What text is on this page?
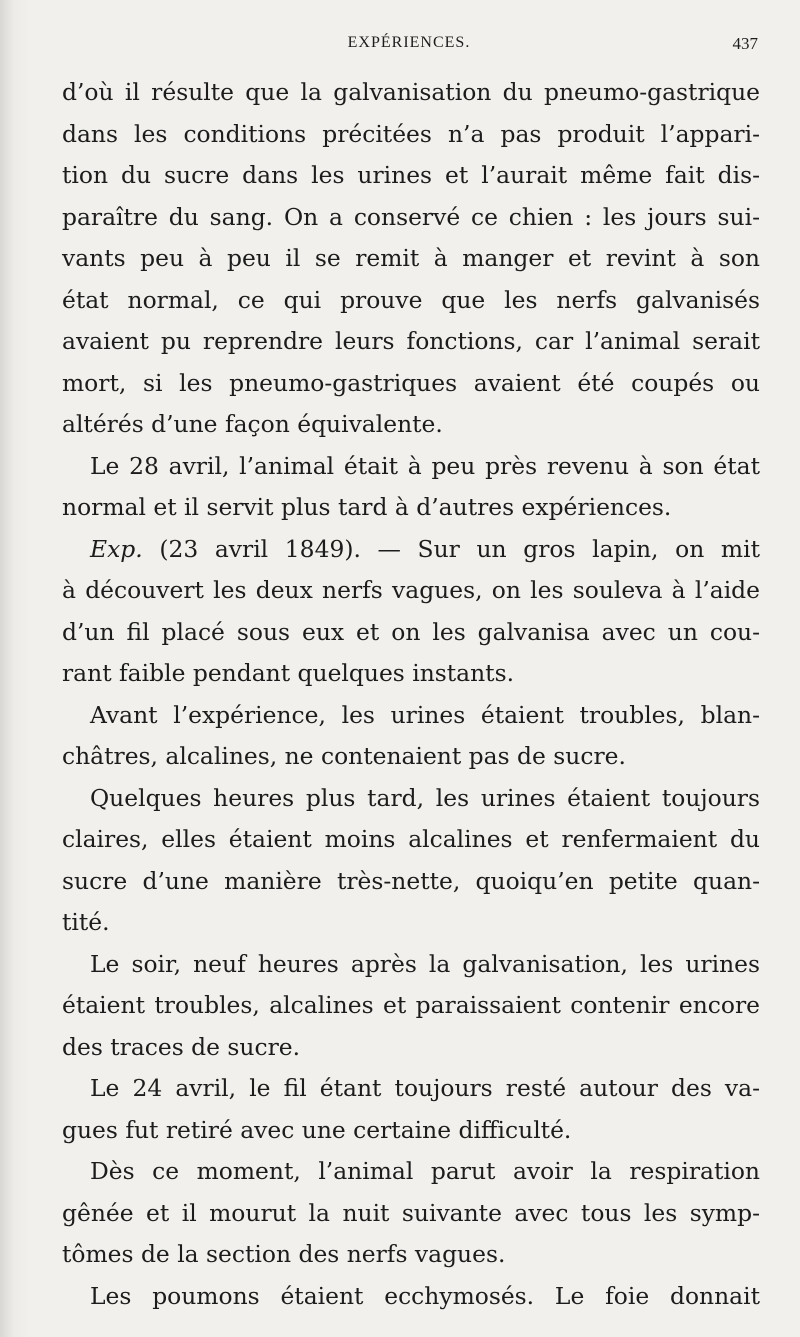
EXPÉRIENCES.	437
d’où il résulte que la galvanisation du pneumo-gastrique
dans les conditions précitées n’a pas produit l’appari-
tion du sucre dans les urines et l’aurait même fait dis-
paraître du sang. On a conservé ce chien : les jours sui-
vants peu à peu il se remit à manger et revint à son
état normal, ce qui prouve que les nerfs galvanisés
avaient pu reprendre leurs fonctions, car l’animal serait
mort, si les pneumo-gastriques avaient été coupés ou
altérés d’une façon équivalente.
Le 28 avril, l’animal était à peu près revenu à son état
normal et il servit plus tard à d’autres expériences.
Exp. (23 avril 1849). — Sur un gros lapin, on mit
à découvert les deux nerfs vagues, on les souleva à l’aide
d’un fil placé sous eux et on les galvanisa avec un cou-
rant faible pendant quelques instants.
Avant l’expérience, les urines étaient troubles, blan-
châtres, alcalines, ne contenaient pas de sucre.
Quelques heures plus tard, les urines étaient toujours
claires, elles étaient moins alcalines et renfermaient du
sucre d’une manière très-nette, quoiqu’en petite quan-
tité.
Le soir, neuf heures après la galvanisation, les urines
étaient troubles, alcalines et paraissaient contenir encore
des traces de sucre.
Le 24 avril, le fil étant toujours resté autour des va-
gues fut retiré avec une certaine difficulté.
Dès ce moment, l’animal parut avoir la respiration
gênée et il mourut la nuit suivante avec tous les symp-
tômes de la section des nerfs vagues.
Les poumons étaient ecchymosés. Le foie donnait
